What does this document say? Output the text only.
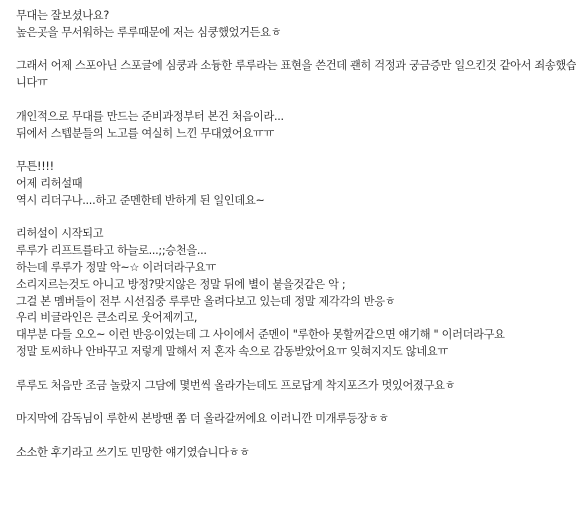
무대는 잘보셨나요?
높은곳을 무서워하는 루루때문에 저는 심쿵했었거든요ㅎ
그래서 어제 스포아닌 스포글에 심쿵과 소듕한 루루라는 표현을 쓴건데 괜히 걱정과 궁금증만 일으킨것 같아서 죄송했습
니다ㅠ
개인적으로 무대를 만드는 준비과정부터 본건 처음이라...
뒤에서 스텝분들의 노고를 여실히 느낀 무대였어요ㅠㅠ
무튼!!!!
어제 리허설때
역시 리더구나....하고 준멘한테 반하게 된 일인데요~
리허설이 시작되고
루루가 리프트를타고 하늘로...;;승천을...
하는데 루루가 정말 악~☆ 이러더라구요ㅠ
소리지르는것도 아니고 방정?맞지않은 정말 뒤에 별이 붙을것같은 악 ;
그걸 본 멤버들이 전부 시선집중 루루만 올려다보고 있는데 정말 제각각의 반응ㅎ
우리 비글라인은 큰소리로 웃어제끼고,
대부분 다들 오오~ 이런 반응이었는데 그 사이에서 준멘이 "루한아 못할꺼같으면 얘기해 " 이러더라구요
정말 토씨하나 안바꾸고 저렇게 말해서 저 혼자 속으로 감동받았어요ㅠ 잊혀지지도 않네요ㅠ
루루도 처음만 조금 놀랐지 그담에 몇번씩 올라가는데도 프로답게 착지포즈가 멋있어졌구요ㅎ
마지막에 감독님이 루한씨 본방땐 쫌 더 올라갈꺼에요 이러니깐 미개루등장ㅎㅎ
소소한 후기라고 쓰기도 민망한 얘기였습니다ㅎㅎ
